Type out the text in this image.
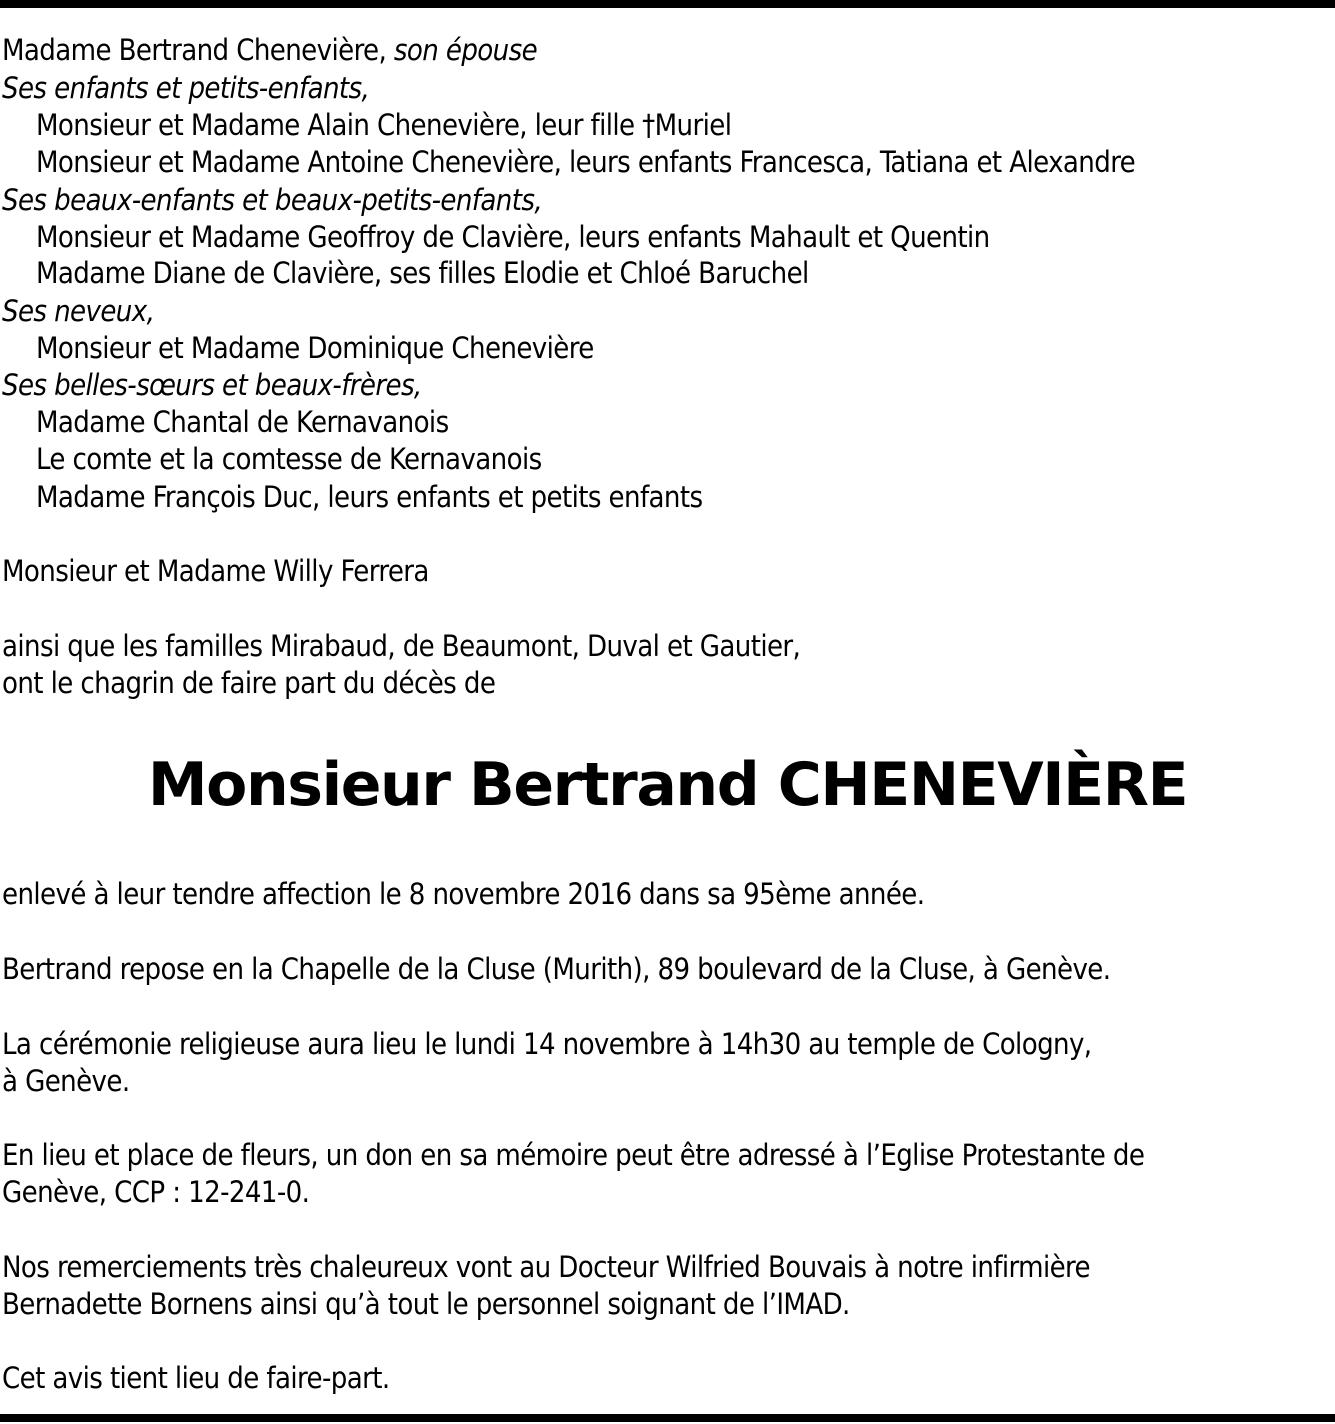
Madame Bertrand Chenevière, son épouse
Ses enfants et petits-enfants,
Monsieur et Madame Alain Chenevière, leur fille †Muriel
Monsieur et Madame Antoine Chenevière, leurs enfants Francesca, Tatiana et Alexandre
Ses beaux-enfants et beaux-petits-enfants,
Monsieur et Madame Geoffroy de Clavière, leurs enfants Mahault et Quentin
Madame Diane de Clavière, ses filles Elodie et Chloé Baruchel
Ses neveux,
Monsieur et Madame Dominique Chenevière
Ses belles-sœurs et beaux-frères,
Madame Chantal de Kernavanois
Le comte et la comtesse de Kernavanois
Madame François Duc, leurs enfants et petits enfants
Monsieur et Madame Willy Ferrera
ainsi que les familles Mirabaud, de Beaumont, Duval et Gautier,
ont le chagrin de faire part du décès de
Monsieur Bertrand CHENEVIÈRE
enlevé à leur tendre affection le 8 novembre 2016 dans sa 95ème année.
Bertrand repose en la Chapelle de la Cluse (Murith), 89 boulevard de la Cluse, à Genève.
La cérémonie religieuse aura lieu le lundi 14 novembre à 14h30 au temple de Cologny,
à Genève.
En lieu et place de fleurs, un don en sa mémoire peut être adressé à l’Eglise Protestante de
Genève, CCP : 12-241-0.
Nos remerciements très chaleureux vont au Docteur Wilfried Bouvais à notre infirmière
Bernadette Bornens ainsi qu’à tout le personnel soignant de l’IMAD.
Cet avis tient lieu de faire-part.
